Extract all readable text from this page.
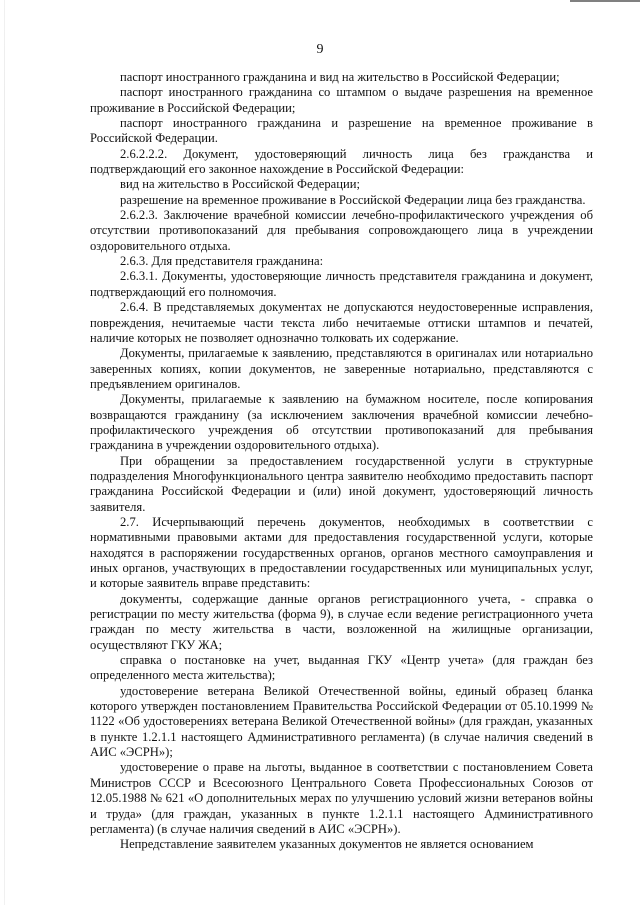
9

паспорт иностранного гражданина и вид на жительство в Российской Федерации;

паспорт иностранного гражданина со штампом о выдаче разрешения на временное проживание в Российской Федерации;

паспорт иностранного гражданина и разрешение на временное проживание в Российской Федерации.

2.6.2.2.2. Документ, удостоверяющий личность лица без гражданства и подтверждающий его законное нахождение в Российской Федерации:

вид на жительство в Российской Федерации;

разрешение на временное проживание в Российской Федерации лица без гражданства.

2.6.2.3. Заключение врачебной комиссии лечебно-профилактического учреждения об отсутствии противопоказаний для пребывания сопровождающего лица в учреждении оздоровительного отдыха.

2.6.3. Для представителя гражданина:

2.6.3.1. Документы, удостоверяющие личность представителя гражданина и документ, подтверждающий его полномочия.

2.6.4. В представляемых документах не допускаются неудостоверенные исправления, повреждения, нечитаемые части текста либо нечитаемые оттиски штампов и печатей, наличие которых не позволяет однозначно толковать их содержание.

Документы, прилагаемые к заявлению, представляются в оригиналах или нотариально заверенных копиях, копии документов, не заверенные нотариально, представляются с предъявлением оригиналов.

Документы, прилагаемые к заявлению на бумажном носителе, после копирования возвращаются гражданину (за исключением заключения врачебной комиссии лечебно-профилактического учреждения об отсутствии противопоказаний для пребывания гражданина в учреждении оздоровительного отдыха).

При обращении за предоставлением государственной услуги в структурные подразделения Многофункционального центра заявителю необходимо предоставить паспорт гражданина Российской Федерации и (или) иной документ, удостоверяющий личность заявителя.

2.7. Исчерпывающий перечень документов, необходимых в соответствии с нормативными правовыми актами для предоставления государственной услуги, которые находятся в распоряжении государственных органов, органов местного самоуправления и иных органов, участвующих в предоставлении государственных или муниципальных услуг, и которые заявитель вправе представить:

документы, содержащие данные органов регистрационного учета, - справка о регистрации по месту жительства (форма 9), в случае если ведение регистрационного учета граждан по месту жительства в части, возложенной на жилищные организации, осуществляют ГКУ ЖА;

справка о постановке на учет, выданная ГКУ «Центр учета» (для граждан без определенного места жительства);

удостоверение ветерана Великой Отечественной войны, единый образец бланка которого утвержден постановлением Правительства Российской Федерации от 05.10.1999 № 1122 «Об удостоверениях ветерана Великой Отечественной войны» (для граждан, указанных в пункте 1.2.1.1 настоящего Административного регламента) (в случае наличия сведений в АИС «ЭСРН»);

удостоверение о праве на льготы, выданное в соответствии с постановлением Совета Министров СССР и Всесоюзного Центрального Совета Профессиональных Союзов от 12.05.1988 № 621 «О дополнительных мерах по улучшению условий жизни ветеранов войны и труда» (для граждан, указанных в пункте 1.2.1.1 настоящего Административного регламента) (в случае наличия сведений в АИС «ЭСРН»).

Непредставление заявителем указанных документов не является основанием
